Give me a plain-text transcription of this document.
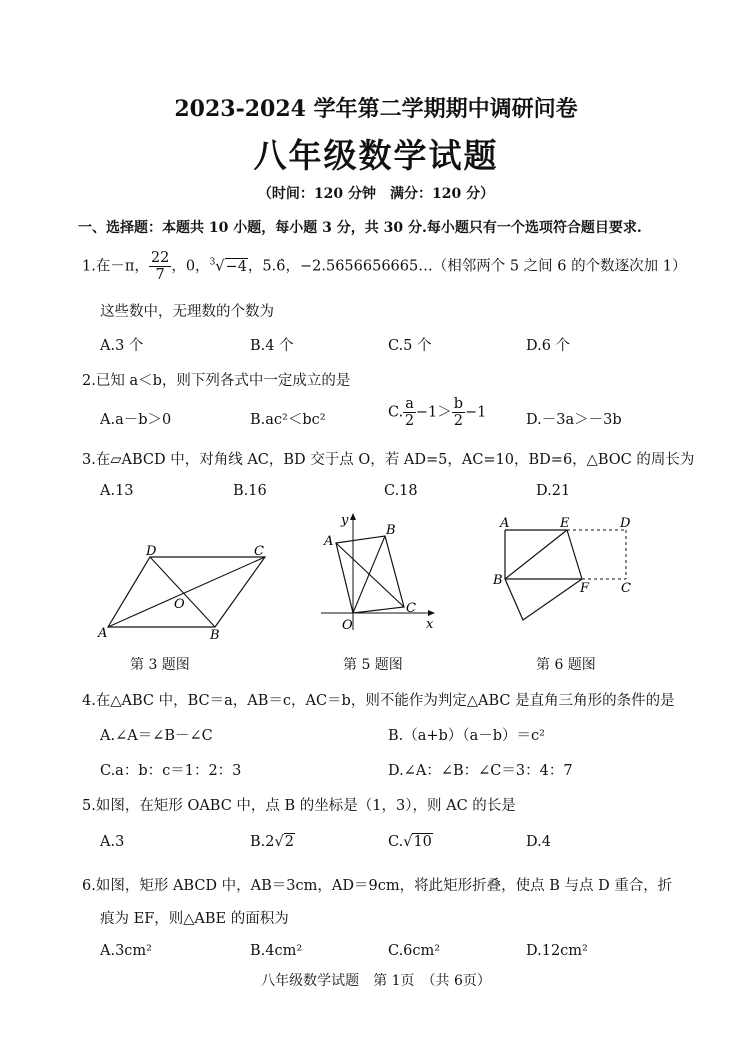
2023-2024 学年第二学期期中调研问卷
八年级数学试题
（时间：120 分钟　满分：120 分）
一、选择题：本题共 10 小题，每小题 3 分，共 30 分.每小题只有一个选项符合题目要求.
1.在－π， $\frac{22}{7}$ ，0，$^3$√−4，5.6̇，−2.5656656665…（相邻两个 5 之间 6 的个数逐次加 1）
这些数中，无理数的个数为
A.3 个	B.4 个	C.5 个	D.6 个
2.已知 a＜b，则下列各式中一定成立的是
A.a－b＞0	B.ac²＜bc²	C. $\frac{a}{2} -1> \frac{b}{2} -1$	D.－3a＞－3b
3.在▱ABCD 中，对角线 AC，BD 交于点 O，若 AD=5，AC=10，BD=6，△BOC 的周长为
A.13	B.16	C.18	D.21
D	C
O
A	B
第 3 题图
y
A
B
C
O	x
第 5 题图
A	E	D
B
F C
第 6 题图
4.在△ABC 中，BC＝a，AB＝c，AC＝b，则不能作为判定△ABC 是直角三角形的条件的是
A.∠A＝∠B－∠C	B.（a+b）（a－b）＝c²
C.a：b：c＝1：2：3	D.∠A：∠B：∠C＝3：4：7
5.如图，在矩形 OABC 中，点 B 的坐标是（1，3），则 AC 的长是
A.3	B.2√2	C.√10	D.4
6.如图，矩形 ABCD 中，AB＝3cm，AD＝9cm，将此矩形折叠，使点 B 与点 D 重合，折
痕为 EF，则△ABE 的面积为
A.3cm²	B.4cm²	C.6cm²	D.12cm²
八年级数学试题　第 1页　（共 6页）
